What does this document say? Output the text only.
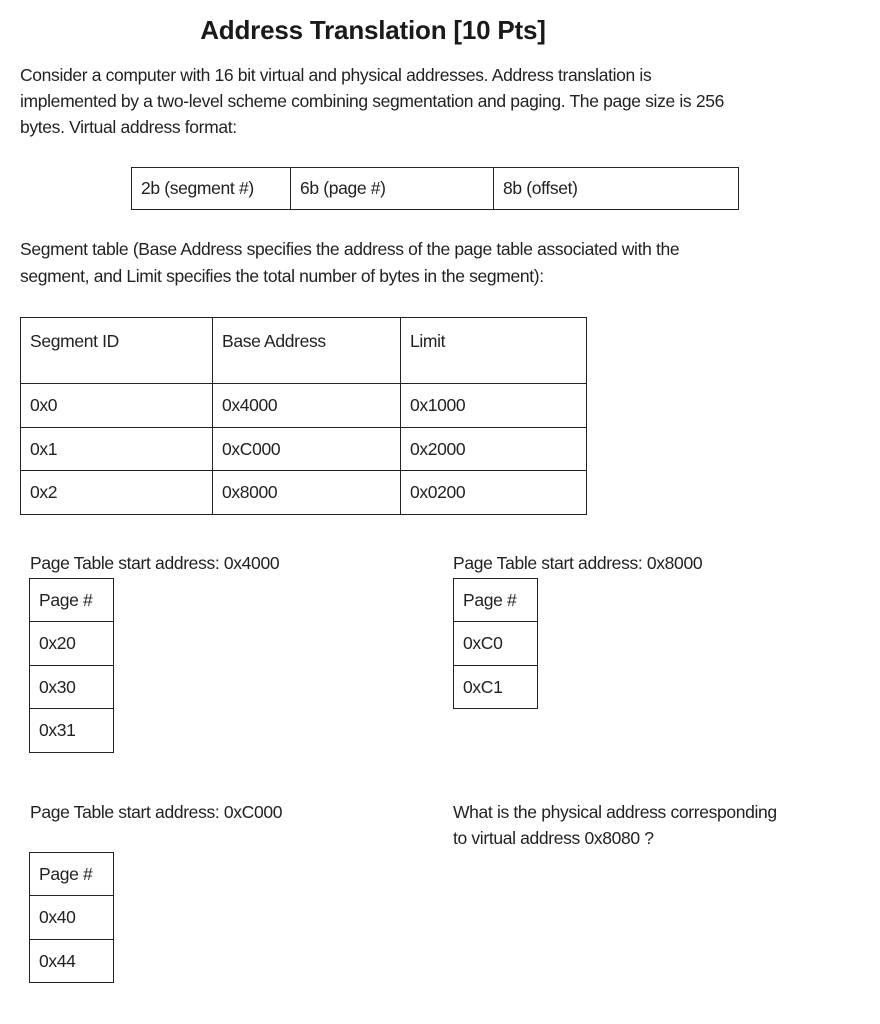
Address Translation [10 Pts]
Consider a computer with 16 bit virtual and physical addresses. Address translation is
implemented by a two-level scheme combining segmentation and paging. The page size is 256
bytes. Virtual address format:
2b (segment #)	6b (page #)	8b (offset)
Segment table (Base Address specifies the address of the page table associated with the
segment, and Limit specifies the total number of bytes in the segment):
Segment ID	Base Address	Limit
0x0	0x4000	0x1000
0x1	0xC000	0x2000
0x2	0x8000	0x0200
Page Table start address: 0x4000
Page #
0x20
0x30
0x31
Page Table start address: 0x8000
Page #
0xC0
0xC1
Page Table start address: 0xC000
Page #
0x40
0x44
What is the physical address corresponding
to virtual address 0x8080 ?
